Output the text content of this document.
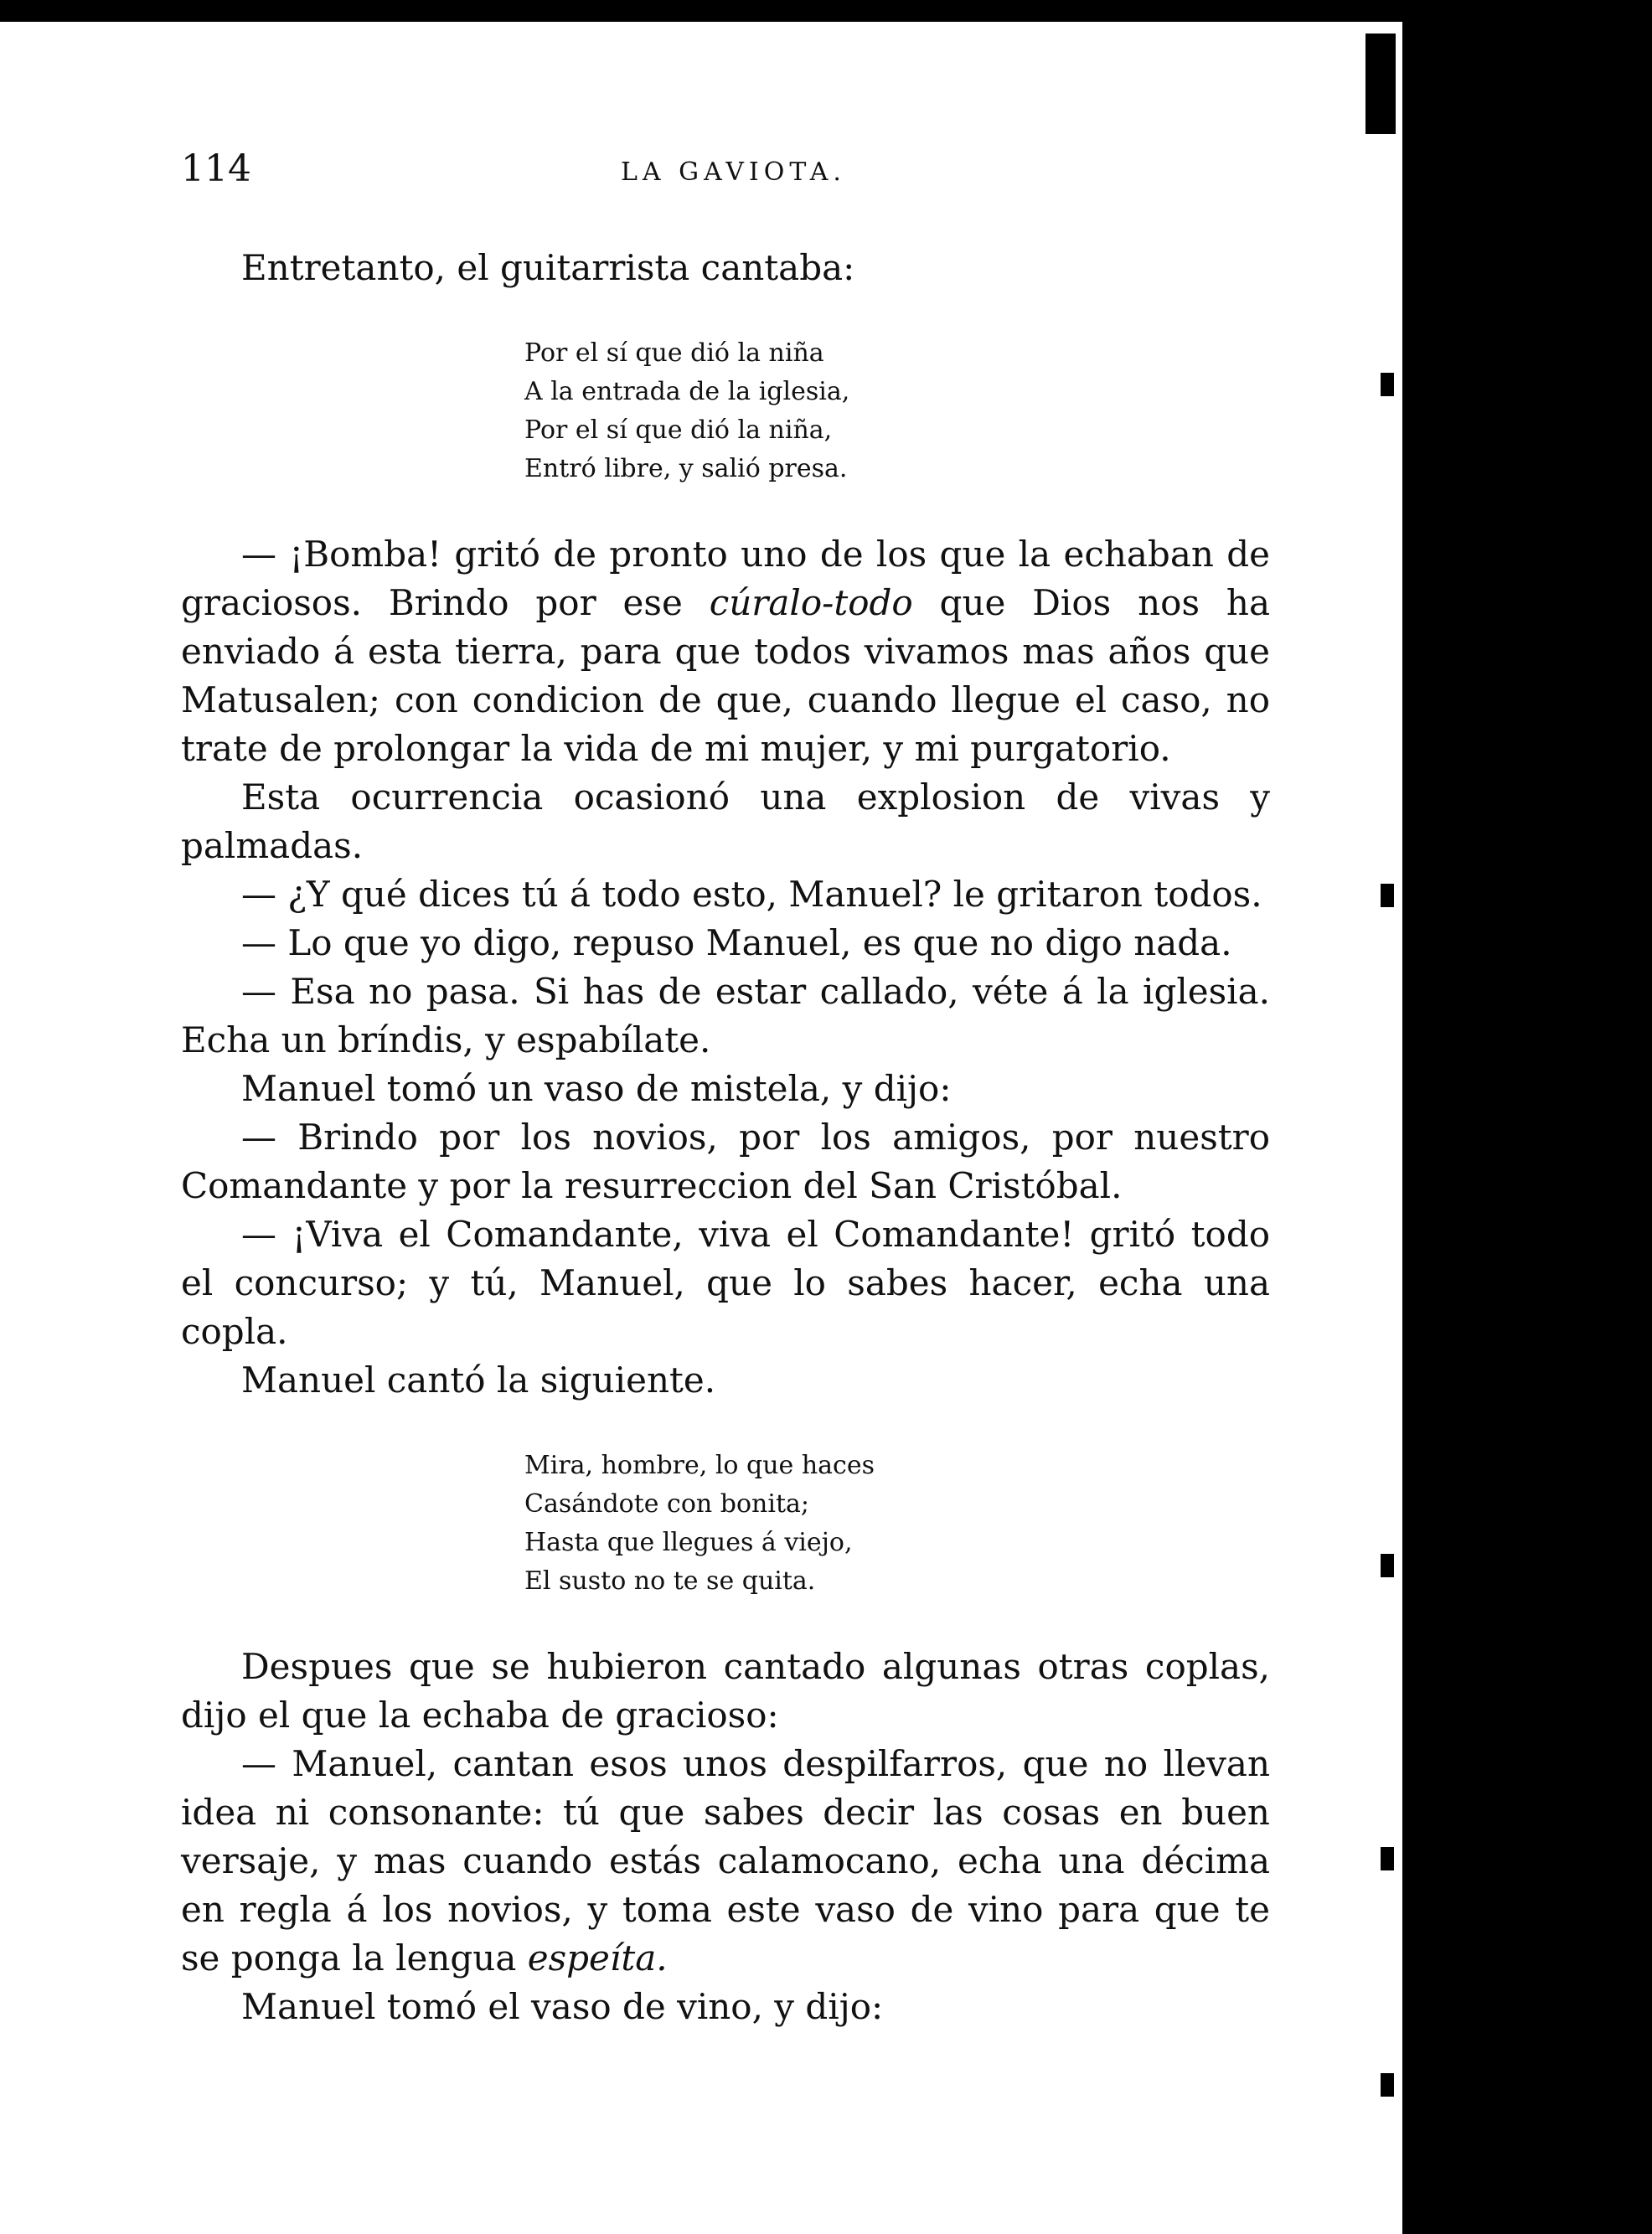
114	LA GAVIOTA.

Entretanto, el guitarrista cantaba:

Por el sí que dió la niña
A la entrada de la iglesia,
Por el sí que dió la niña,
Entró libre, y salió presa.

— ¡Bomba! gritó de pronto uno de los que la echaban de graciosos. Brindo por ese cúralo-todo que Dios nos ha enviado á esta tierra, para que todos vivamos mas años que Matusalen; con condicion de que, cuando llegue el caso, no trate de prolongar la vida de mi mujer, y mi purgatorio.

Esta ocurrencia ocasionó una explosion de vivas y palmadas.

— ¿Y qué dices tú á todo esto, Manuel? le gritaron todos.

— Lo que yo digo, repuso Manuel, es que no digo nada.

— Esa no pasa. Si has de estar callado, véte á la iglesia. Echa un bríndis, y espabílate.

Manuel tomó un vaso de mistela, y dijo:

— Brindo por los novios, por los amigos, por nuestro Comandante y por la resurreccion del San Cristóbal.

— ¡Viva el Comandante, viva el Comandante! gritó todo el concurso; y tú, Manuel, que lo sabes hacer, echa una copla.

Manuel cantó la siguiente.

Mira, hombre, lo que haces
Casándote con bonita;
Hasta que llegues á viejo,
El susto no te se quita.

Despues que se hubieron cantado algunas otras coplas, dijo el que la echaba de gracioso:

— Manuel, cantan esos unos despilfarros, que no llevan idea ni consonante: tú que sabes decir las cosas en buen versaje, y mas cuando estás calamocano, echa una décima en regla á los novios, y toma este vaso de vino para que te se ponga la lengua espeíta.

Manuel tomó el vaso de vino, y dijo:
